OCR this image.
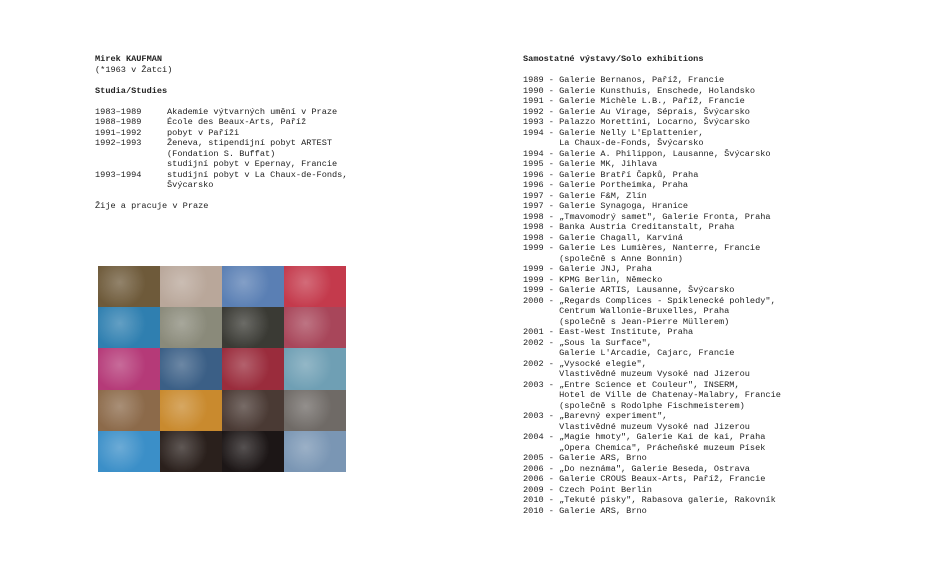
Mirek KAUFMAN
(*1963 v Žatci)
Studia/Studies
1983–1989	Akademie výtvarných umění v Praze
1988–1989	École des Beaux-Arts, Paříž
1991–1992	pobyt v Paříži
1992–1993	Ženeva, stipendijní pobyt ARTEST
(Fondation S. Buffat)
studijní pobyt v Epernay, Francie
1993–1994	studijní pobyt v La Chaux-de-Fonds,
Švýcarsko
Žije a pracuje v Praze
Samostatné výstavy/Solo exhibitions
1989 - Galerie Bernanos, Paříž, Francie
1990 - Galerie Kunsthuis, Enschede, Holandsko
1991 - Galerie Michèle L.B., Paříž, Francie
1992 - Galerie Au Virage, Séprais, Švýcarsko
1993 - Palazzo Morettini, Locarno, Švýcarsko
1994 - Galerie Nelly L'Eplattenier,
La Chaux-de-Fonds, Švýcarsko
1994 - Galerie A. Philippon, Lausanne, Švýcarsko
1995 - Galerie MK, Jihlava
1996 - Galerie Bratří Čapků, Praha
1996 - Galerie Portheimka, Praha
1997 - Galerie F&M, Zlín
1997 - Galerie Synagoga, Hranice
1998 - „Tmavomodrý samet", Galerie Fronta, Praha
1998 - Banka Austria Creditanstalt, Praha
1998 - Galerie Chagall, Karviná
1999 - Galerie Les Lumières, Nanterre, Francie
(společně s Anne Bonnin)
1999 - Galerie JNJ, Praha
1999 - KPMG Berlin, Německo
1999 - Galerie ARTIS, Lausanne, Švýcarsko
2000 - „Regards Complices - Spiklenecké pohledy",
Centrum Wallonie-Bruxelles, Praha
(společně s Jean-Pierre Müllerem)
2001 - East-West Institute, Praha
2002 - „Sous la Surface",
Galerie L'Arcadie, Cajarc, Francie
2002 - „Vysocké elegie",
Vlastivědné muzeum Vysoké nad Jizerou
2003 - „Entre Science et Couleur", INSERM,
Hotel de Ville de Chatenay-Malabry, Francie
(společně s Rodolphe Fischmeisterem)
2003 - „Barevný experiment",
Vlastivědné muzeum Vysoké nad Jizerou
2004 - „Magie hmoty", Galerie Kai de kai, Praha
„Opera Chemica", Prácheňské muzeum Písek
2005 - Galerie ARS, Brno
2006 - „Do neznáma", Galerie Beseda, Ostrava
2006 - Galerie CROUS Beaux-Arts, Paříž, Francie
2009 - Czech Point Berlin
2010 - „Tekuté písky", Rabasova galerie, Rakovník
2010 - Galerie ARS, Brno
